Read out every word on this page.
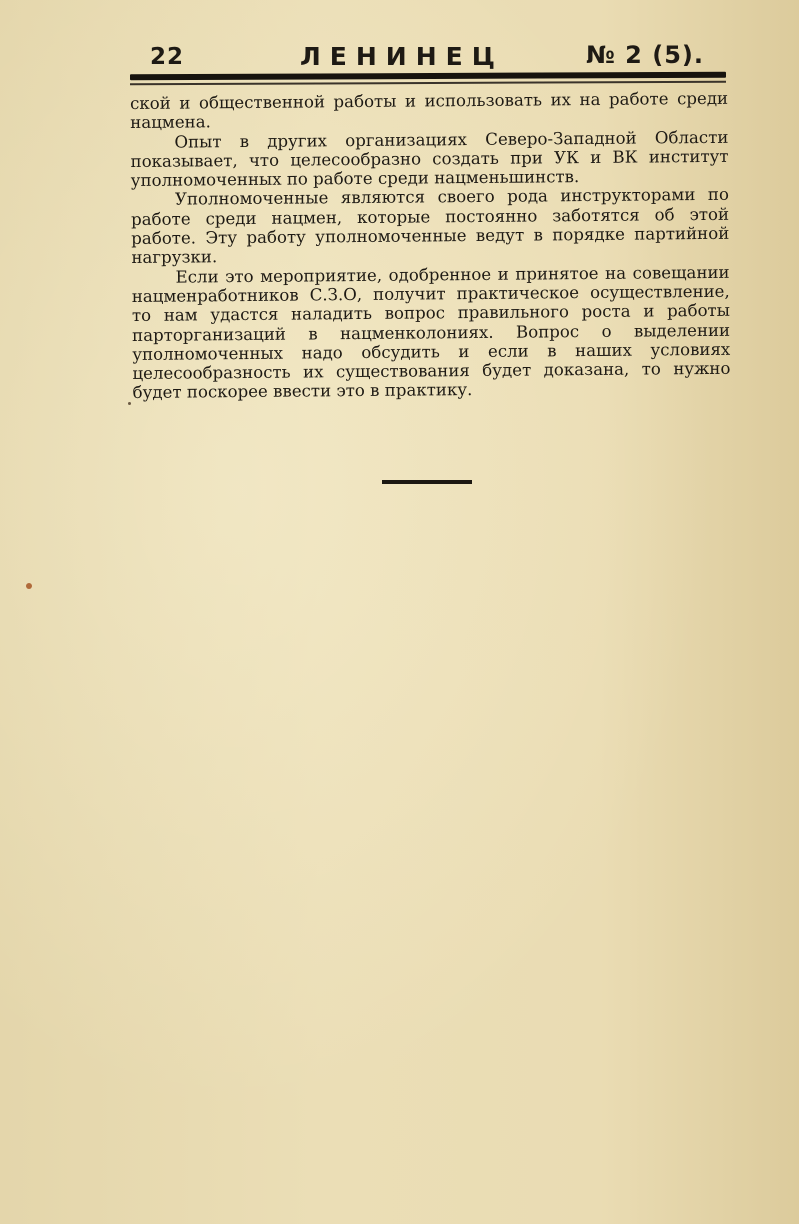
22	ЛЕНИНЕЦ	№ 2 (5).

ской и общественной работы и использовать их на работе среди нацмена.

Опыт в других организациях Северо-Западной Области показывает, что целесообразно создать при УК и ВК институт уполномоченных по работе среди нацменьшинств.

Уполномоченные являются своего рода инструкторами по работе среди нацмен, которые постоянно заботятся об этой работе. Эту работу уполномоченные ведут в порядке партийной нагрузки.

Если это мероприятие, одобренное и принятое на совещании нацменработников С.З.О, получит практическое осуществление, то нам удастся наладить вопрос правильного роста и работы парторганизаций в нацменколониях. Вопрос о выделении уполномоченных надо обсудить и если в наших условиях целесообразность их существования будет доказана, то нужно будет поскорее ввести это в практику.
